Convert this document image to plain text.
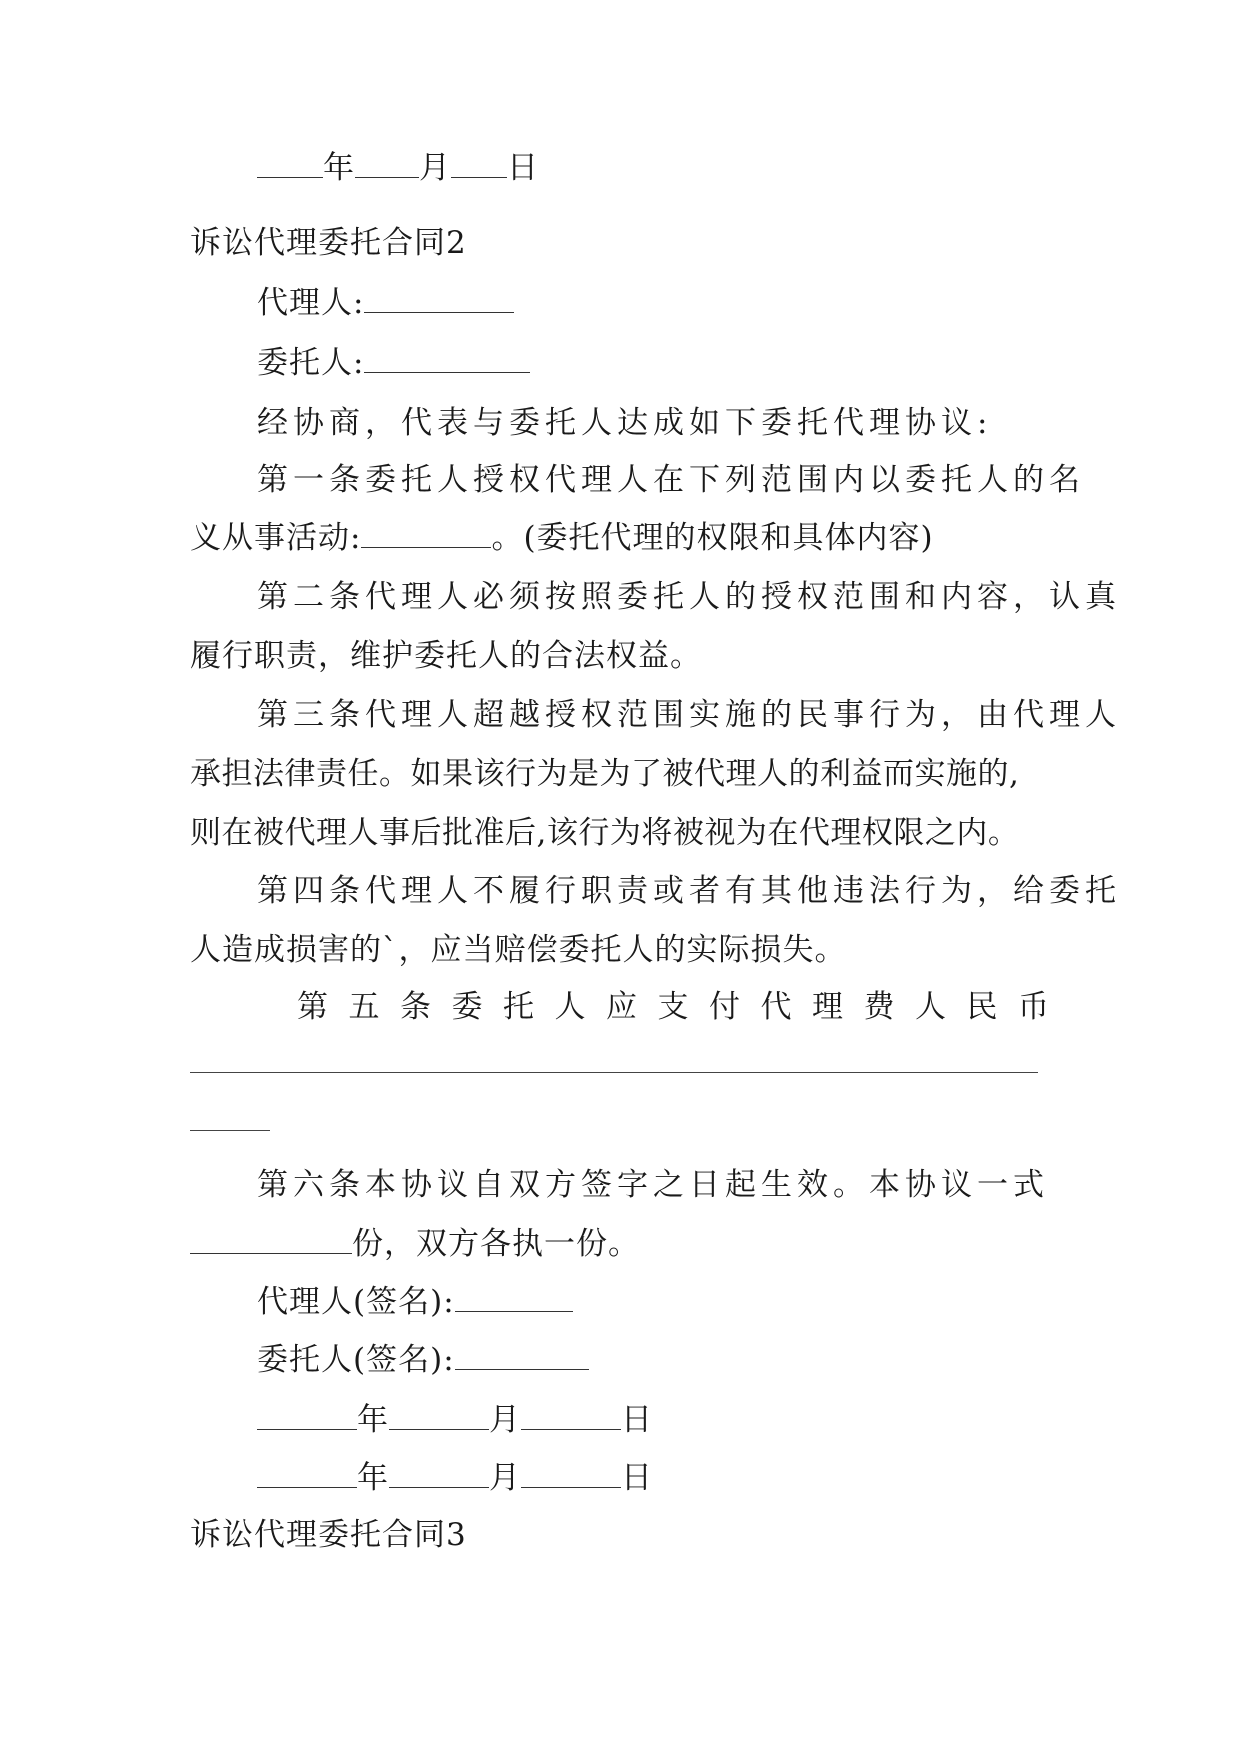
年 月 日
诉讼代理委托合同2
代理人:
委托人:
经协商，代表与委托人达成如下委托代理协议:
第一条委托人授权代理人在下列范围内以委托人的名
义从事活动:	。(委托代理的权限和具体内容)
第二条代理人必须按照委托人的授权范围和内容，认真
履行职责，维护委托人的合法权益。
第三条代理人超越授权范围实施的民事行为，由代理人
承担法律责任。如果该行为是为了被代理人的利益而实施的,
则在被代理人事后批准后,该行为将被视为在代理权限之内。
第四条代理人不履行职责或者有其他违法行为，给委托
人造成损害的`，应当赔偿委托人的实际损失。
第 五 条 委 托 人 应 支 付 代 理 费 人 民 币
第六条本协议自双方签字之日起生效。本协议一式
份，双方各执一份。
代理人(签名):
委托人(签名):
年	月	日
年	月	日
诉讼代理委托合同3
